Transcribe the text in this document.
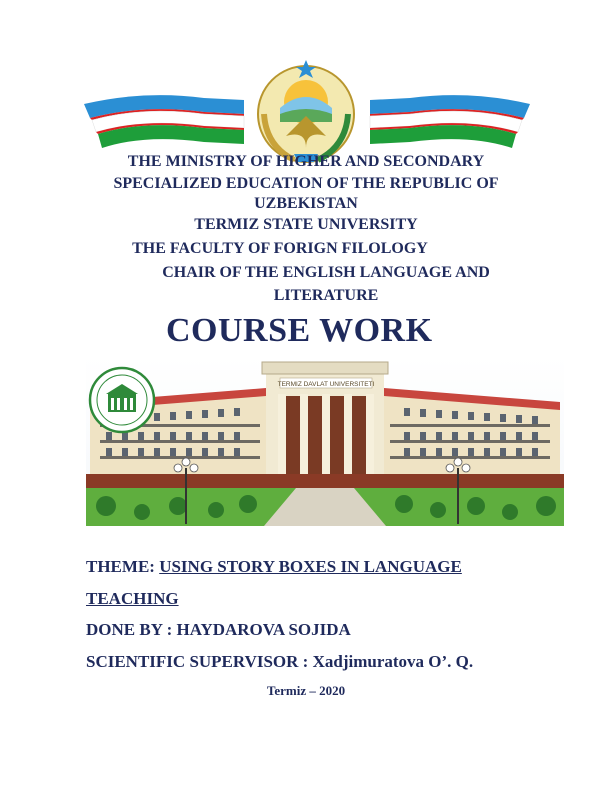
THE MINISTRY OF HIGHER AND SECONDARY
SPECIALIZED EDUCATION OF THE REPUBLIC OF
UZBEKISTAN
TERMIZ STATE UNIVERSITY
THE FACULTY OF FORIGN FILOLOGY
CHAIR OF THE ENGLISH LANGUAGE AND
LITERATURE
COURSE WORK
TERMIZ DAVLAT UNIVERSITETI
THEME: USING STORY BOXES IN LANGUAGE
TEACHING
DONE BY : HAYDAROVA SOJIDA
SCIENTIFIC SUPERVISOR : Xadjimuratova O’. Q.
Termiz – 2020
